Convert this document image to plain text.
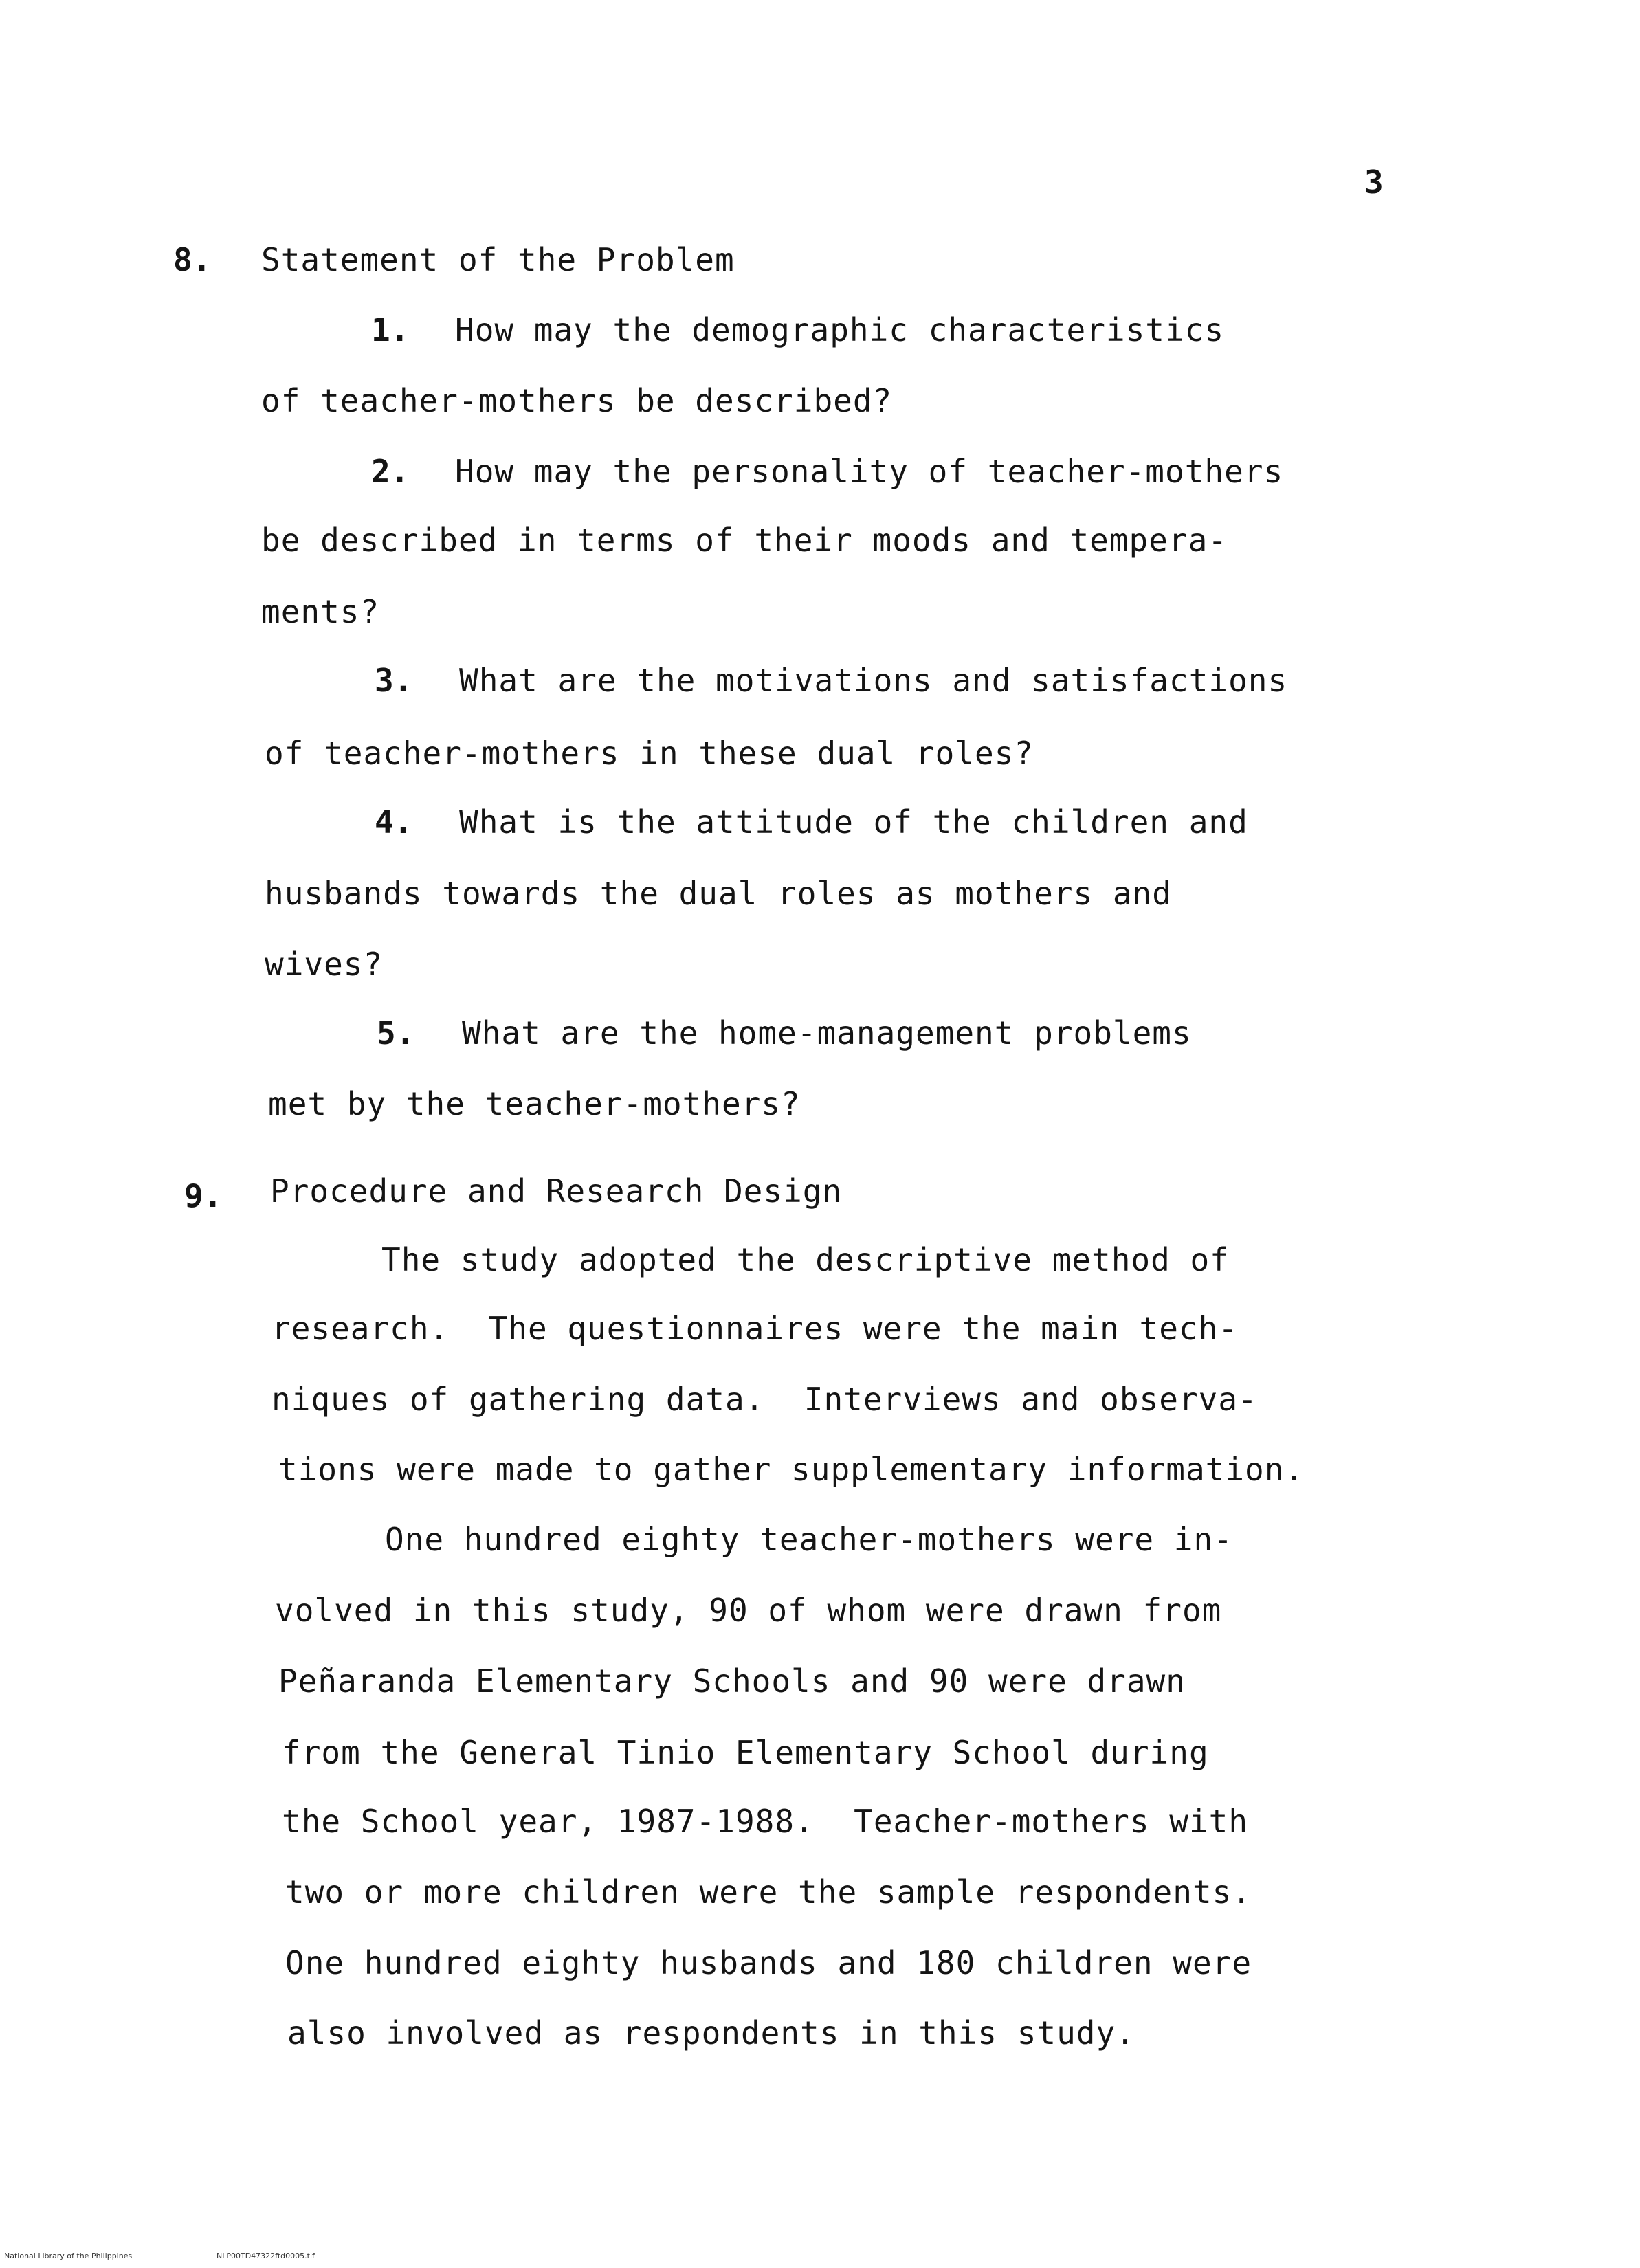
3
8. Statement of the Problem
1. How may the demographic characteristics
of teacher-mothers be described?
2. How may the personality of teacher-mothers
be described in terms of their moods and tempera-
ments?
3. What are the motivations and satisfactions
of teacher-mothers in these dual roles?
4. What is the attitude of the children and
husbands towards the dual roles as mothers and
wives?
5. What are the home-management problems
met by the teacher-mothers?
9. Procedure and Research Design
The study adopted the descriptive method of
research.  The questionnaires were the main tech-
niques of gathering data.  Interviews and observa-
tions were made to gather supplementary information.
One hundred eighty teacher-mothers were in-
volved in this study, 90 of whom were drawn from
Peñaranda Elementary Schools and 90 were drawn
from the General Tinio Elementary School during
the School year, 1987-1988.  Teacher-mothers with
two or more children were the sample respondents.
One hundred eighty husbands and 180 children were
also involved as respondents in this study.
National Library of the Philippines	NLP00TD47322ftd0005.tif
